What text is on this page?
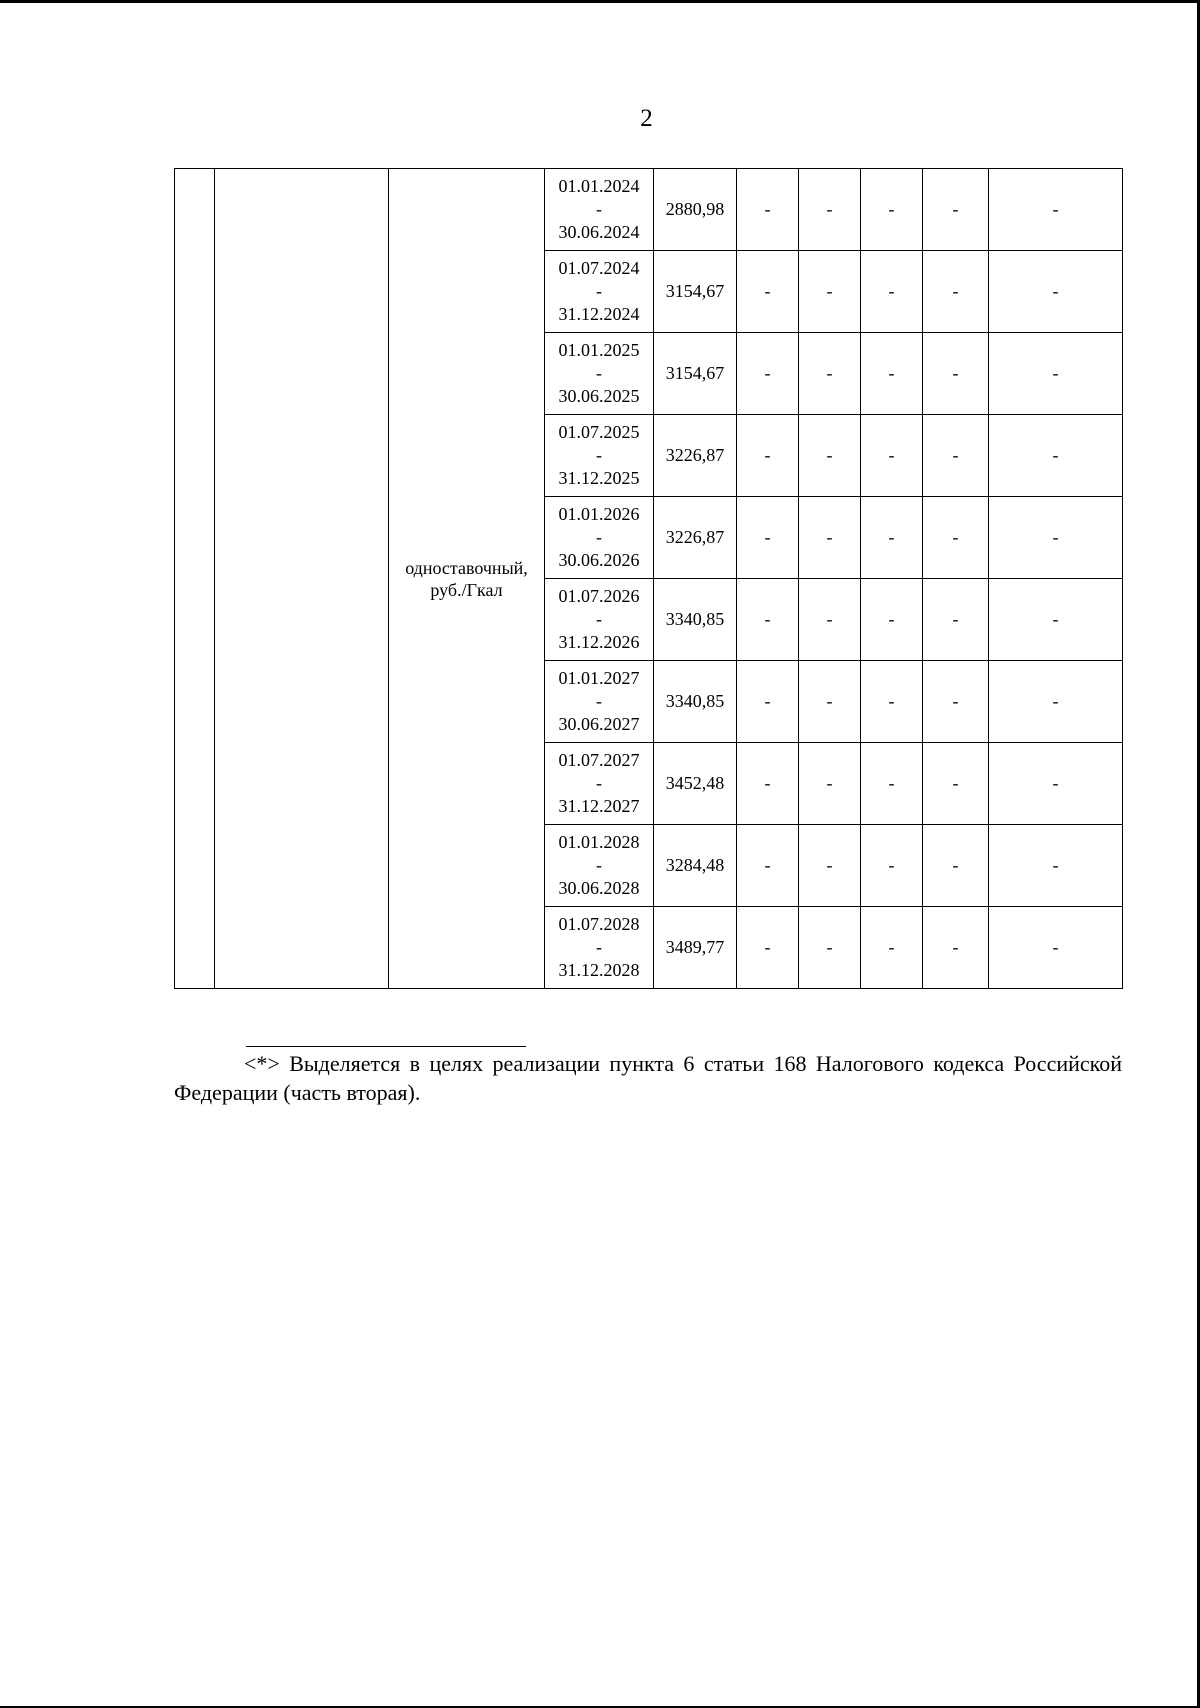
2
		одноставочный, руб./Гкал	01.01.2024
-
30.06.2024	2880,98	-	-	-	-	-

			01.07.2024
-
31.12.2024	3154,67	-	-	-	-	-

			01.01.2025
-
30.06.2025	3154,67	-	-	-	-	-

			01.07.2025
-
31.12.2025	3226,87	-	-	-	-	-

			01.01.2026
-
30.06.2026	3226,87	-	-	-	-	-

			01.07.2026
-
31.12.2026	3340,85	-	-	-	-	-

			01.01.2027
-
30.06.2027	3340,85	-	-	-	-	-

			01.07.2027
-
31.12.2027	3452,48	-	-	-	-	-

			01.01.2028
-
30.06.2028	3284,48	-	-	-	-	-

			01.07.2028
-
31.12.2028	3489,77	-	-	-	-	-
<*> Выделяется в целях реализации пункта 6 статьи 168 Налогового кодекса Российской Федерации (часть вторая).
